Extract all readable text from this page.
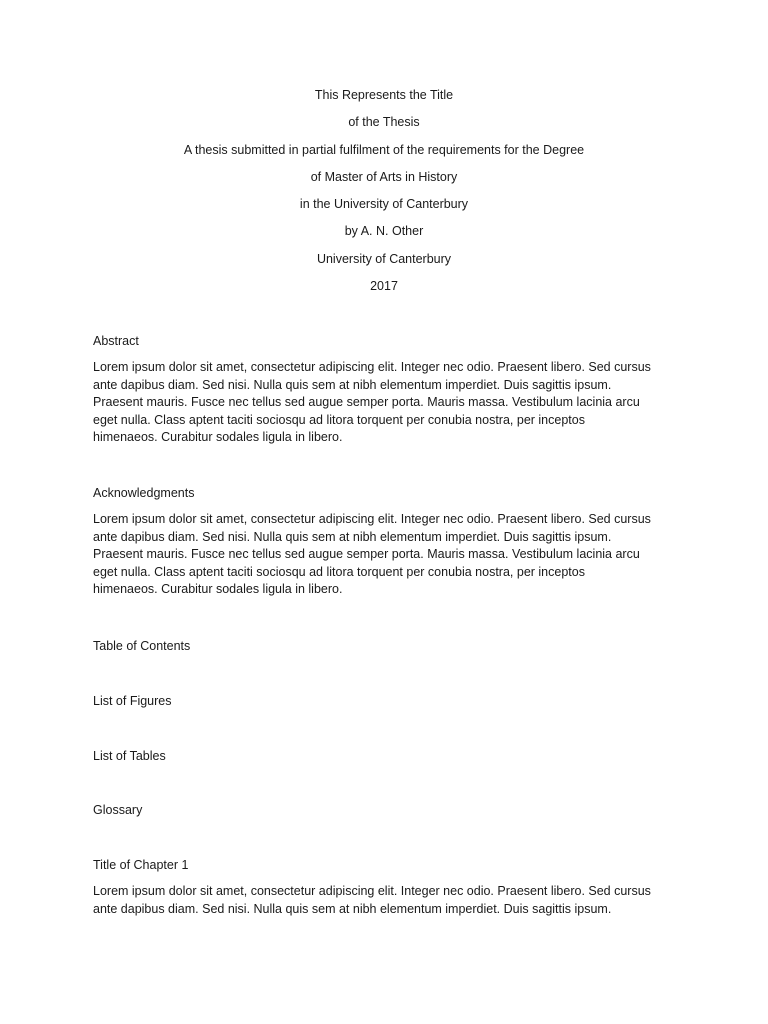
This Represents the Title
of the Thesis
A thesis submitted in partial fulfilment of the requirements for the Degree
of Master of Arts in History
in the University of Canterbury
by A. N. Other
University of Canterbury
2017
Abstract
Lorem ipsum dolor sit amet, consectetur adipiscing elit. Integer nec odio. Praesent libero. Sed cursus
ante dapibus diam. Sed nisi. Nulla quis sem at nibh elementum imperdiet. Duis sagittis ipsum.
Praesent mauris. Fusce nec tellus sed augue semper porta. Mauris massa. Vestibulum lacinia arcu
eget nulla. Class aptent taciti sociosqu ad litora torquent per conubia nostra, per inceptos
himenaeos. Curabitur sodales ligula in libero.
Acknowledgments
Lorem ipsum dolor sit amet, consectetur adipiscing elit. Integer nec odio. Praesent libero. Sed cursus
ante dapibus diam. Sed nisi. Nulla quis sem at nibh elementum imperdiet. Duis sagittis ipsum.
Praesent mauris. Fusce nec tellus sed augue semper porta. Mauris massa. Vestibulum lacinia arcu
eget nulla. Class aptent taciti sociosqu ad litora torquent per conubia nostra, per inceptos
himenaeos. Curabitur sodales ligula in libero.
Table of Contents
List of Figures
List of Tables
Glossary
Title of Chapter 1
Lorem ipsum dolor sit amet, consectetur adipiscing elit. Integer nec odio. Praesent libero. Sed cursus
ante dapibus diam. Sed nisi. Nulla quis sem at nibh elementum imperdiet. Duis sagittis ipsum.
